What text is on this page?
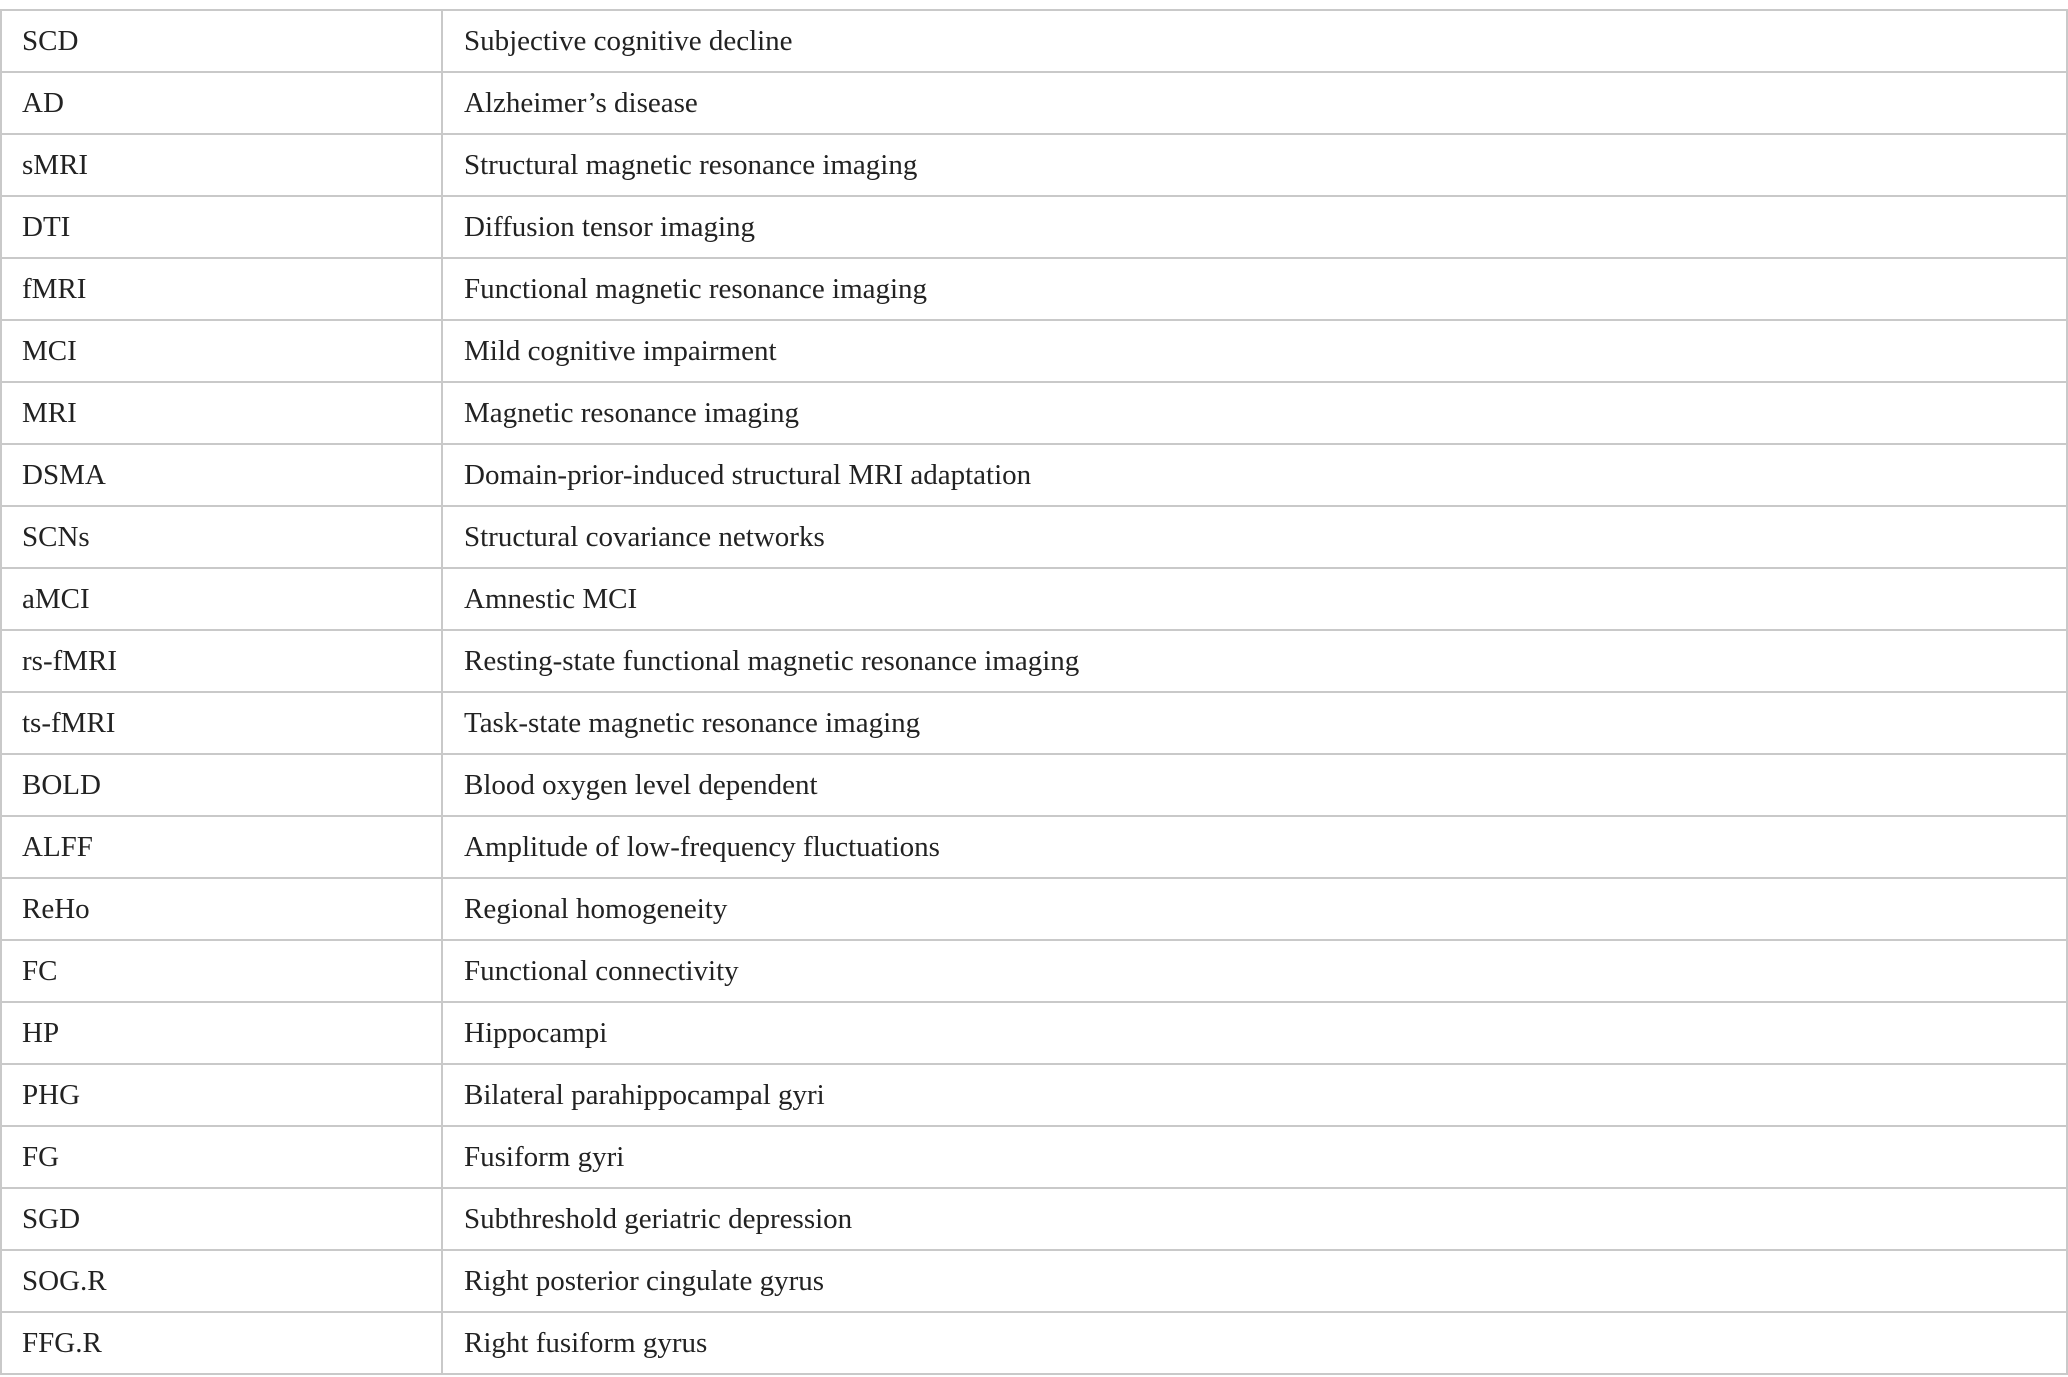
SCD	Subjective cognitive decline
AD	Alzheimer’s disease
sMRI	Structural magnetic resonance imaging
DTI	Diffusion tensor imaging
fMRI	Functional magnetic resonance imaging
MCI	Mild cognitive impairment
MRI	Magnetic resonance imaging
DSMA	Domain-prior-induced structural MRI adaptation
SCNs	Structural covariance networks
aMCI	Amnestic MCI
rs-fMRI	Resting-state functional magnetic resonance imaging
ts-fMRI	Task-state magnetic resonance imaging
BOLD	Blood oxygen level dependent
ALFF	Amplitude of low-frequency fluctuations
ReHo	Regional homogeneity
FC	Functional connectivity
HP	Hippocampi
PHG	Bilateral parahippocampal gyri
FG	Fusiform gyri
SGD	Subthreshold geriatric depression
SOG.R	Right posterior cingulate gyrus
FFG.R	Right fusiform gyrus
